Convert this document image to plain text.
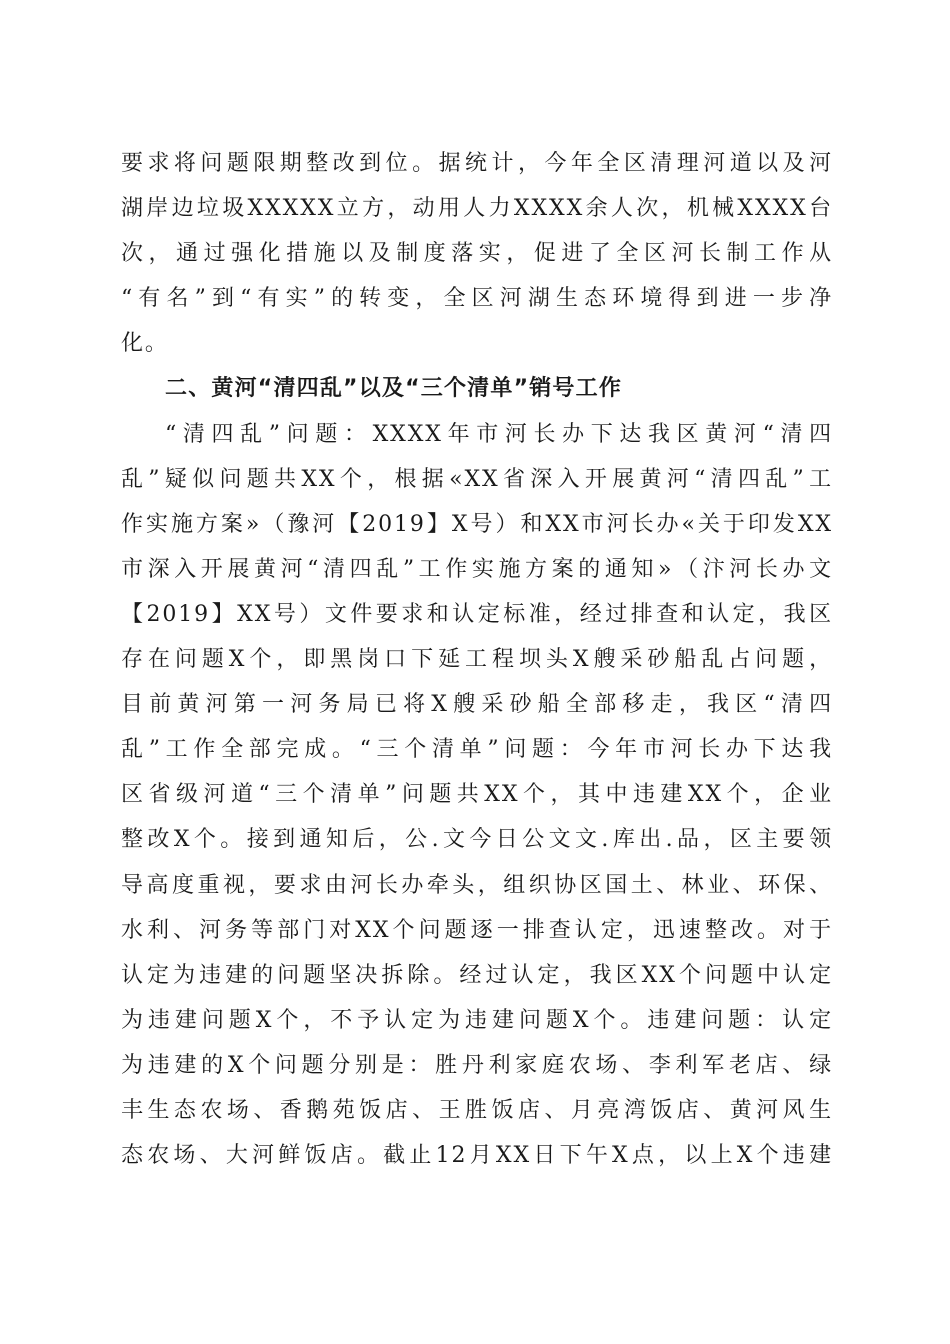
要求将问题限期整改到位。据统计，今年全区清理河道以及河
湖岸边垃圾XXXXX立方，动用人力XXXX余人次，机械XXXX台
次，通过强化措施以及制度落实，促进了全区河长制工作从
“有名”到“有实”的转变，全区河湖生态环境得到进一步净
化。
二、黄河“清四乱”以及“三个清单”销号工作
“清四乱”问题：XXXX年市河长办下达我区黄河“清四
乱”疑似问题共XX个，根据«XX省深入开展黄河“清四乱”工
作实施方案»（豫河【2019】X号）和XX市河长办«关于印发XX
市深入开展黄河“清四乱”工作实施方案的通知»（汴河长办文
【2019】XX号）文件要求和认定标准，经过排查和认定，我区
存在问题X个，即黑岗口下延工程坝头X艘采砂船乱占问题，
目前黄河第一河务局已将X艘采砂船全部移走，我区“清四
乱”工作全部完成。“三个清单”问题：今年市河长办下达我
区省级河道“三个清单”问题共XX个，其中违建XX个，企业
整改X个。接到通知后，公.文今日公文文.库出.品，区主要领
导高度重视，要求由河长办牵头，组织协区国土、林业、环保、
水利、河务等部门对XX个问题逐一排查认定，迅速整改。对于
认定为违建的问题坚决拆除。经过认定，我区XX个问题中认定
为违建问题X个，不予认定为违建问题X个。违建问题：认定
为违建的X个问题分别是：胜丹利家庭农场、李利军老店、绿
丰生态农场、香鹅苑饭店、王胜饭店、月亮湾饭店、黄河风生
态农场、大河鲜饭店。截止12月XX日下午X点，以上X个违建
